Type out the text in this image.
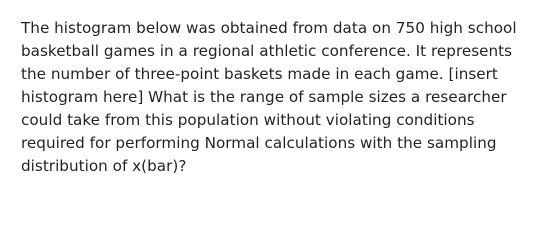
The histogram below was obtained from data on 750 high school basketball games in a regional athletic conference. It represents the number of three-point baskets made in each game. [insert histogram here] What is the range of sample sizes a researcher could take from this population without violating conditions required for performing Normal calculations with the sampling distribution of x(bar)?
